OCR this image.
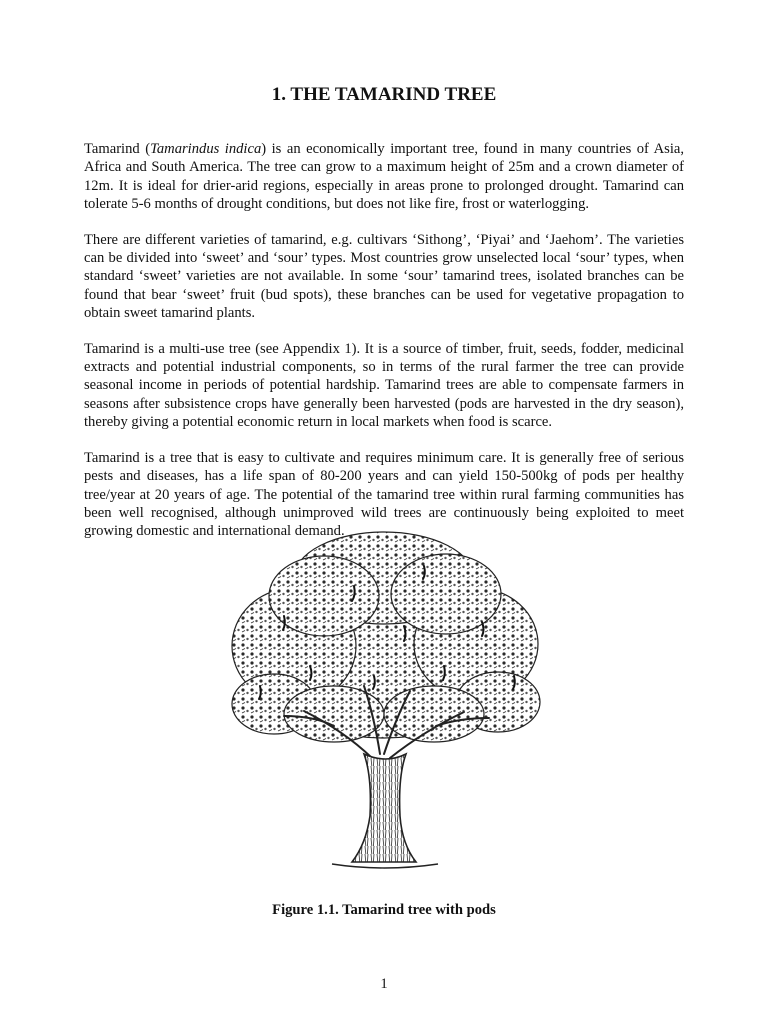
1. THE TAMARIND TREE

Tamarind (Tamarindus indica) is an economically important tree, found in many countries of Asia, Africa and South America. The tree can grow to a maximum height of 25m and a crown diameter of 12m. It is ideal for drier-arid regions, especially in areas prone to prolonged drought. Tamarind can tolerate 5-6 months of drought conditions, but does not like fire, frost or waterlogging.

There are different varieties of tamarind, e.g. cultivars ‘Sithong’, ‘Piyai’ and ‘Jaehom’. The varieties can be divided into ‘sweet’ and ‘sour’ types. Most countries grow unselected local ‘sour’ types, when standard ‘sweet’ varieties are not available. In some ‘sour’ tamarind trees, isolated branches can be found that bear ‘sweet’ fruit (bud spots), these branches can be used for vegetative propagation to obtain sweet tamarind plants.

Tamarind is a multi-use tree (see Appendix 1). It is a source of timber, fruit, seeds, fodder, medicinal extracts and potential industrial components, so in terms of the rural farmer the tree can provide seasonal income in periods of potential hardship. Tamarind trees are able to compensate farmers in seasons after subsistence crops have generally been harvested (pods are harvested in the dry season), thereby giving a potential economic return in local markets when food is scarce.

Tamarind is a tree that is easy to cultivate and requires minimum care. It is generally free of serious pests and diseases, has a life span of 80-200 years and can yield 150-500kg of pods per healthy tree/year at 20 years of age. The potential of the tamarind tree within rural farming communities has been well recognised, although unimproved wild trees are continuously being exploited to meet growing domestic and international demand.

Figure 1.1. Tamarind tree with pods
1
